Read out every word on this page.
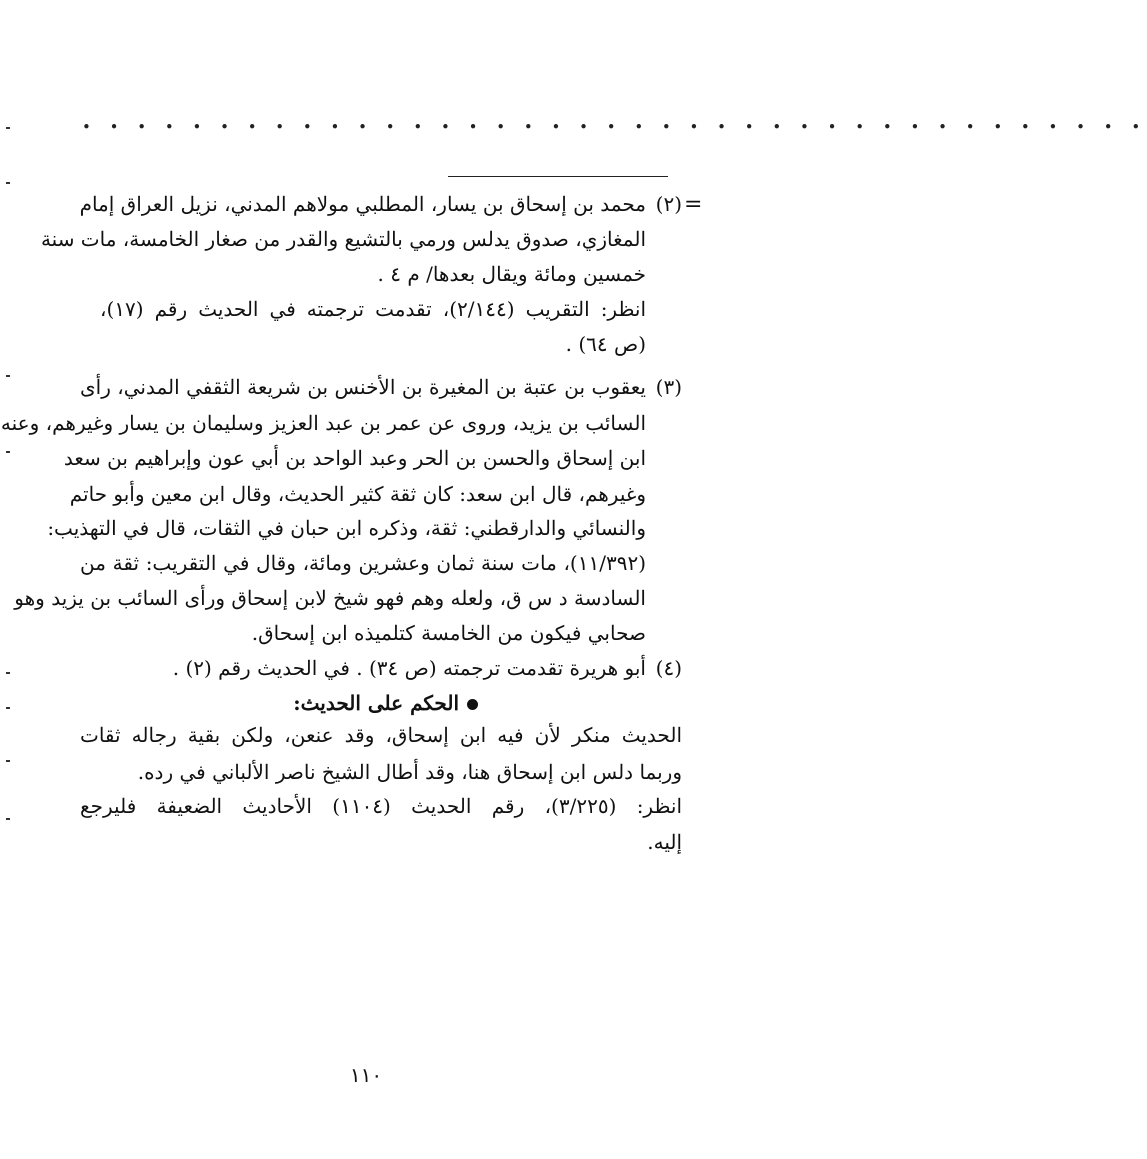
• • • • • • • • • • • • • • • • • • • • • • • • • • • • • • • • • • • • • • •
=
(٢)
محمد بن إسحاق بن يسار، المطلبي مولاهم المدني، نزيل العراق إمام
المغازي، صدوق يدلس ورمي بالتشيع والقدر من صغار الخامسة، مات سنة
خمسين ومائة ويقال بعدها/ م ٤ .
انظر: التقريب (٢/١٤٤)، تقدمت ترجمته في الحديث رقم (١٧)،
(ص ٦٤) .
(٣)
يعقوب بن عتبة بن المغيرة بن الأخنس بن شريعة الثقفي المدني، رأى
السائب بن يزيد، وروى عن عمر بن عبد العزيز وسليمان بن يسار وغيرهم، وعنه
ابن إسحاق والحسن بن الحر وعبد الواحد بن أبي عون وإبراهيم بن سعد
وغيرهم، قال ابن سعد: كان ثقة كثير الحديث، وقال ابن معين وأبو حاتم
والنسائي والدارقطني: ثقة، وذكره ابن حبان في الثقات، قال في التهذيب:
(١١/٣٩٢)، مات سنة ثمان وعشرين ومائة، وقال في التقريب: ثقة من
السادسة د س ق، ولعله وهم فهو شيخ لابن إسحاق ورأى السائب بن يزيد وهو
صحابي فيكون من الخامسة كتلميذه ابن إسحاق.
(٤)
أبو هريرة تقدمت ترجمته (ص ٣٤) . في الحديث رقم (٢) .
الحكم على الحديث:
الحديث منكر لأن فيه ابن إسحاق، وقد عنعن، ولكن بقية رجاله ثقات
وربما دلس ابن إسحاق هنا، وقد أطال الشيخ ناصر الألباني في رده.
انظر: (٣/٢٢٥)، رقم الحديث (١١٠٤) الأحاديث الضعيفة فليرجع
إليه.
١١٠
